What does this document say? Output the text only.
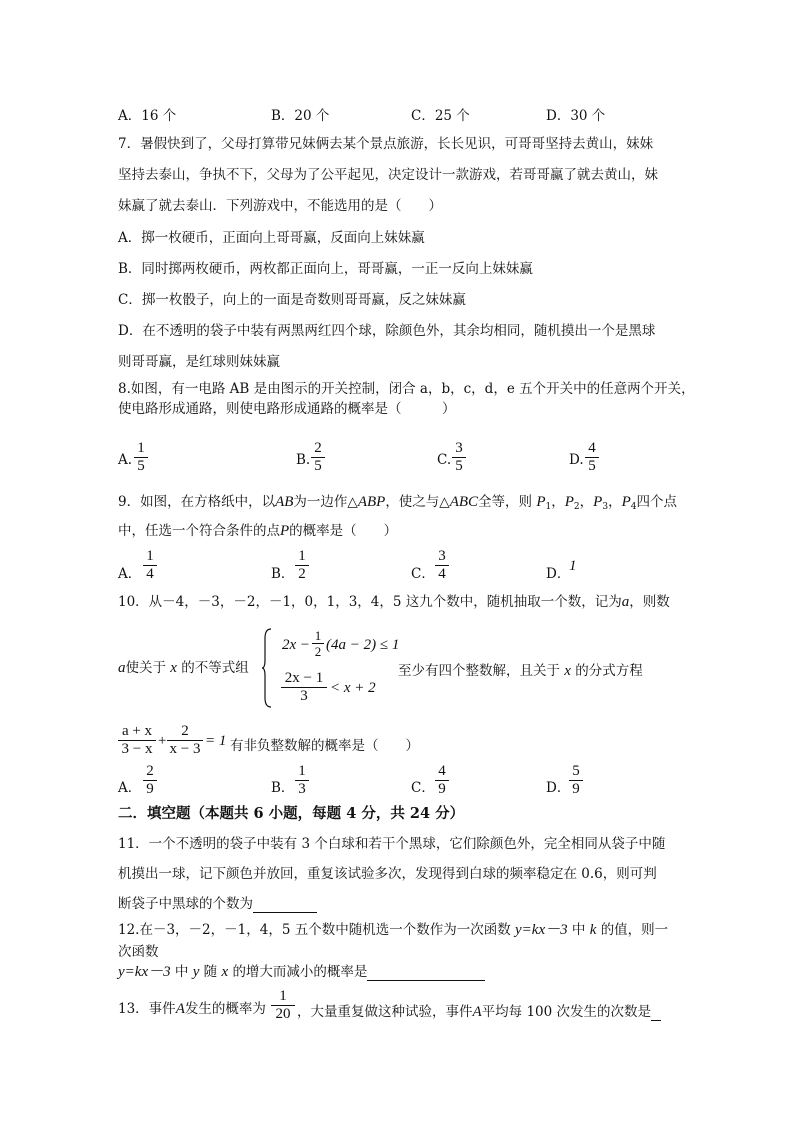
A．16 个	B．20 个	C．25 个	D．30 个
7．暑假快到了，父母打算带兄妹俩去某个景点旅游，长长见识，可哥哥坚持去黄山，妹妹
坚持去泰山，争执不下，父母为了公平起见，决定设计一款游戏，若哥哥赢了就去黄山，妹
妹赢了就去泰山．下列游戏中，不能选用的是（　　）
A．掷一枚硬币，正面向上哥哥赢，反面向上妹妹赢
B．同时掷两枚硬币，两枚都正面向上，哥哥赢，一正一反向上妹妹赢
C．掷一枚骰子，向上的一面是奇数则哥哥赢，反之妹妹赢
D．在不透明的袋子中装有两黑两红四个球，除颜色外，其余均相同，随机摸出一个是黑球
则哥哥赢，是红球则妹妹赢
8.如图，有一电路 AB 是由图示的开关控制，闭合 a，b，c，d，e 五个开关中的任意两个开关，
使电路形成通路，则使电路形成通路的概率是（　　　）
A. $\frac{1}{5}$	B. $\frac{2}{5}$	C. $\frac{3}{5}$	D. $\frac{4}{5}$
9．如图，在方格纸中，以AB为一边作△ABP，使之与△ABC全等，则 $P_1$，$P_2$，$P_3$，$P_4$四个点
中，任选一个符合条件的点P的概率是（　　）
A． $\frac{1}{4}$	B． $\frac{1}{2}$	C． $\frac{3}{4}$	D．
1
10．从－4，－3，－2，－1，0，1，3，4，5 这九个数中，随机抽取一个数，记为a，则数
a使关于 x 的不等式组
$2x - \frac{1}{2} (4a - 2) \le 1$
$\frac{2x - 1}{3} < x + 2$
至少有四个整数解，且关于 x 的分式方程
$\frac{a + x}{3 - x} + \frac{2}{x - 3} = 1$ 有非负整数解的概率是（　　）
A． $\frac{2}{9}$	B． $\frac{1}{3}$	C． $\frac{4}{9}$	D．
$\frac{5}{9}$
二．填空题（本题共 6 小题，每题 4 分，共 24 分）
11．一个不透明的袋子中装有 3 个白球和若干个黑球，它们除颜色外，完全相同从袋子中随
机摸出一球，记下颜色并放回，重复该试验多次，发现得到白球的频率稳定在 0.6，则可判
断袋子中黑球的个数为
12.在－3，－2，－1，4，5 五个数中随机选一个数作为一次函数 y=kx－3 中 k 的值，则一
次函数
y=kx－3 中 y 随 x 的增大而减小的概率是
13．事件A发生的概率为 $\frac{1}{20}$ ，大量重复做这种试验，事件A平均每 100 次发生的次数是
